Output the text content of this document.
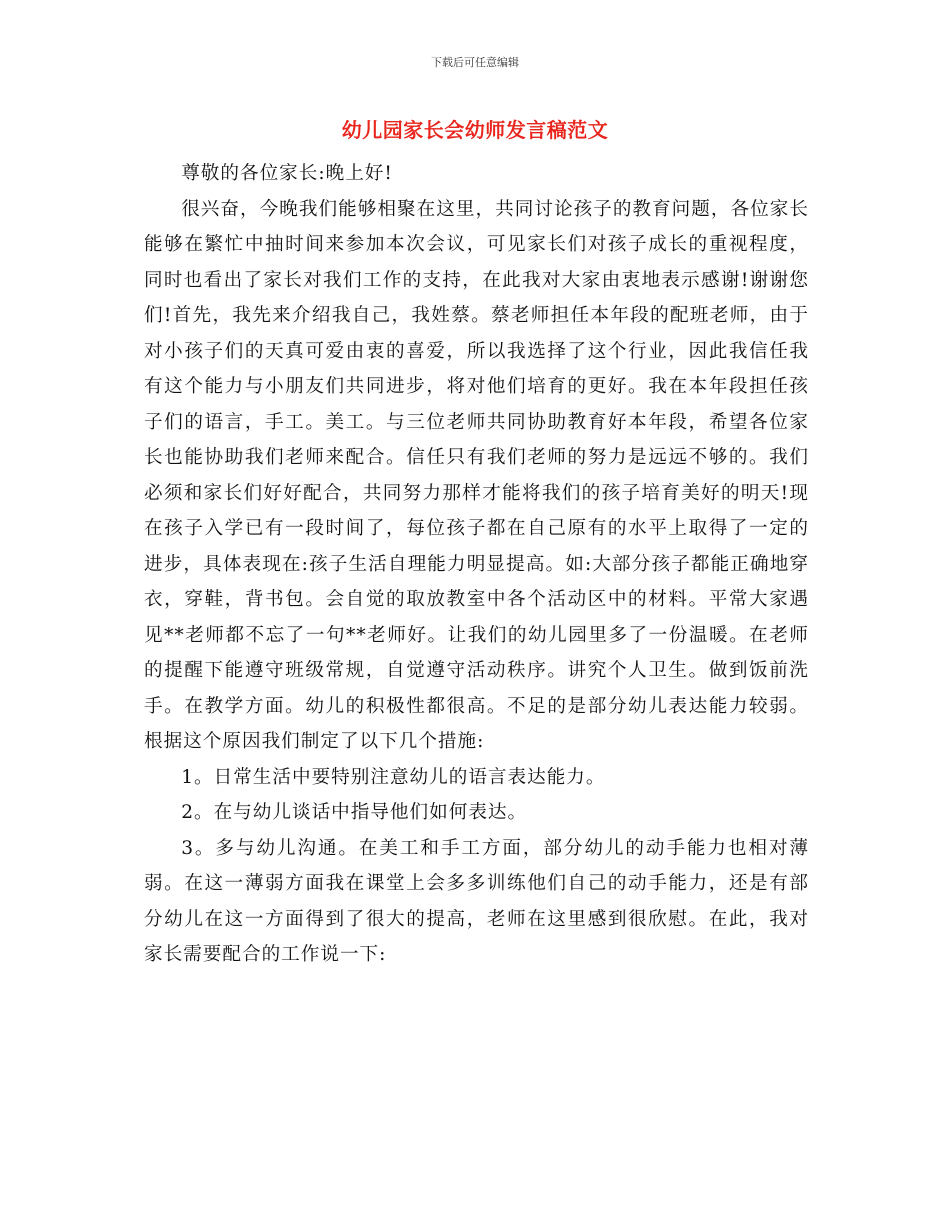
下载后可任意编辑
幼儿园家长会幼师发言稿范文

尊敬的各位家长:晚上好!

很兴奋，今晚我们能够相聚在这里，共同讨论孩子的教育问题，各位家长能够在繁忙中抽时间来参加本次会议，可见家长们对孩子成长的重视程度，同时也看出了家长对我们工作的支持，在此我对大家由衷地表示感谢!谢谢您们!首先，我先来介绍我自己，我姓蔡。蔡老师担任本年段的配班老师，由于对小孩子们的天真可爱由衷的喜爱，所以我选择了这个行业，因此我信任我有这个能力与小朋友们共同进步，将对他们培育的更好。我在本年段担任孩子们的语言，手工。美工。与三位老师共同协助教育好本年段，希望各位家长也能协助我们老师来配合。信任只有我们老师的努力是远远不够的。我们必须和家长们好好配合，共同努力那样才能将我们的孩子培育美好的明天!现在孩子入学已有一段时间了，每位孩子都在自己原有的水平上取得了一定的进步，具体表现在:孩子生活自理能力明显提高。如:大部分孩子都能正确地穿衣，穿鞋，背书包。会自觉的取放教室中各个活动区中的材料。平常大家遇见**老师都不忘了一句**老师好。让我们的幼儿园里多了一份温暖。在老师的提醒下能遵守班级常规，自觉遵守活动秩序。讲究个人卫生。做到饭前洗手。在教学方面。幼儿的积极性都很高。不足的是部分幼儿表达能力较弱。根据这个原因我们制定了以下几个措施:

1。日常生活中要特别注意幼儿的语言表达能力。

2。在与幼儿谈话中指导他们如何表达。

3。多与幼儿沟通。在美工和手工方面，部分幼儿的动手能力也相对薄弱。在这一薄弱方面我在课堂上会多多训练他们自己的动手能力，还是有部分幼儿在这一方面得到了很大的提高，老师在这里感到很欣慰。在此，我对家长需要配合的工作说一下:
